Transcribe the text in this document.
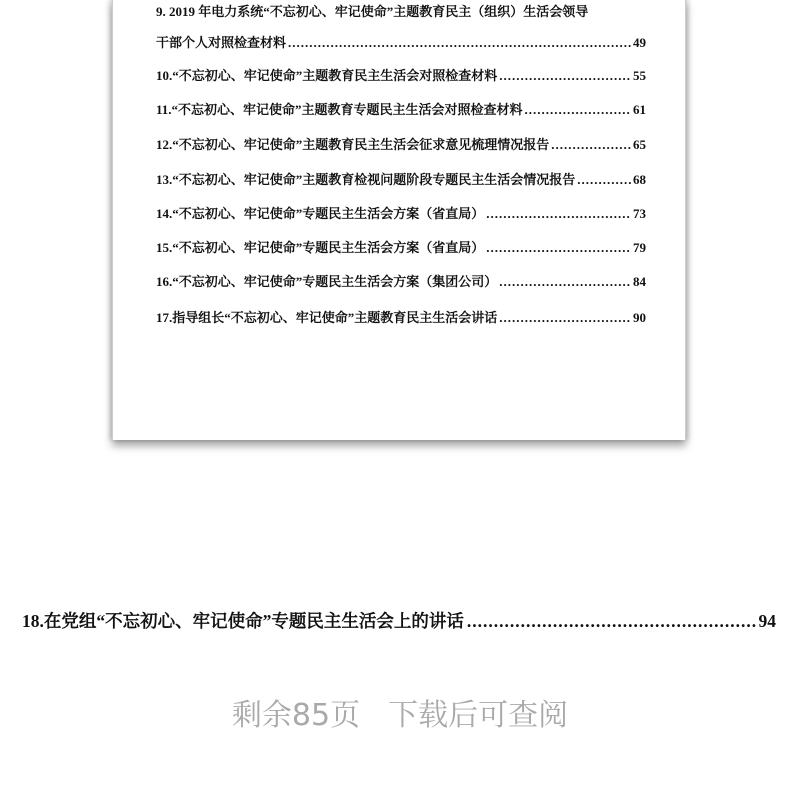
9. 2019 年电力系统“不忘初心、牢记使命”主题教育民主（组织）生活会领导
干部个人对照检查材料 .....	49
10.“不忘初心、牢记使命”主题教育民主生活会对照检查材料 .....	55
11.“不忘初心、牢记使命”主题教育专题民主生活会对照检查材料 .....	61
12.“不忘初心、牢记使命”主题教育民主生活会征求意见梳理情况报告 .....	65
13.“不忘初心、牢记使命”主题教育检视问题阶段专题民主生活会情况报告 .....	68
14.“不忘初心、牢记使命”专题民主生活会方案（省直局） .....	73
15.“不忘初心、牢记使命”专题民主生活会方案（省直局） .....	79
16.“不忘初心、牢记使命”专题民主生活会方案（集团公司） .....	84
17.指导组长“不忘初心、牢记使命”主题教育民主生活会讲话 .....	90
18.在党组“不忘初心、牢记使命”专题民主生活会上的讲话 .....	94
剩余85页 下载后可查阅
